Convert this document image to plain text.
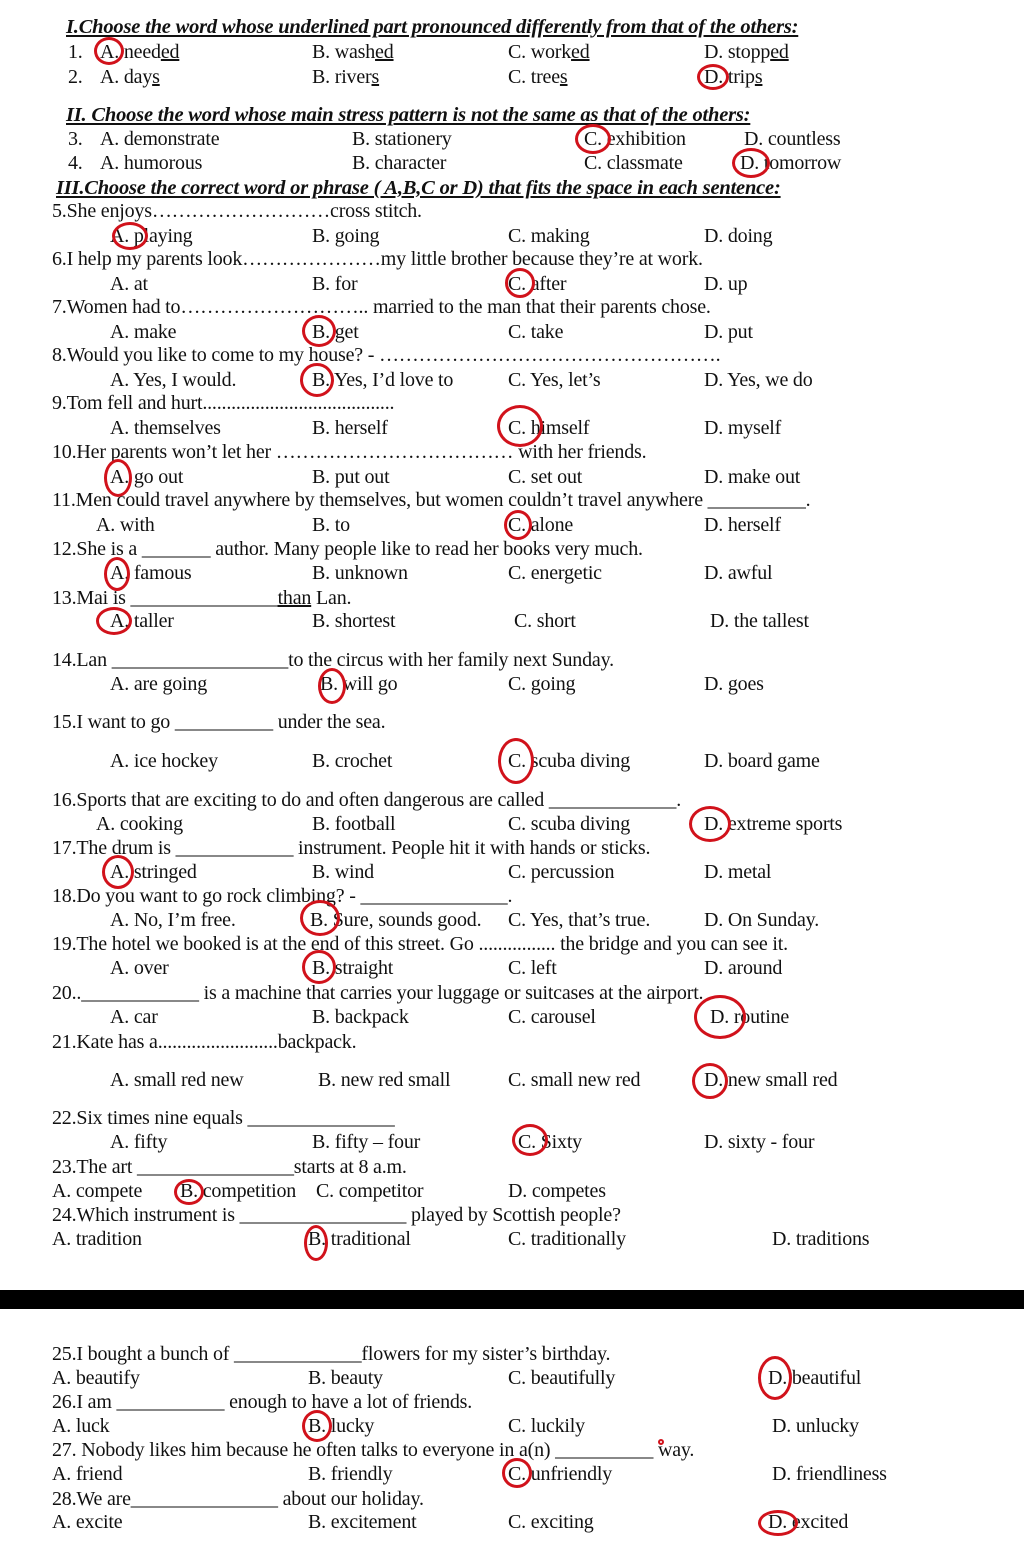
I.Choose the word whose underlined part pronounced differently from that of the others:
1. A. needed	B. washed	C. worked	D. stopped
2. A. days	B. rivers	C. trees	D. trips
II. Choose the word whose main stress pattern is not the same as that of the others:
3. A. demonstrate	B. stationery	C. exhibition	D. countless
4. A. humorous	B. character	C. classmate	D. tomorrow
III.Choose the correct word or phrase ( A,B,C or D) that fits the space in each sentence:
5.She enjoys………………………cross stitch.
A. playing	B. going	C. making	D. doing
6.I help my parents look…………………my little brother because they’re at work.
A. at	B. for	C. after	D. up
7.Women had to……………………….. married to the man that their parents chose.
A. make	B. get	C. take	D. put
8.Would you like to come to my house? - …………………………………………….
A. Yes, I would.	B. Yes, I’d love to	C. Yes, let’s	D. Yes, we do
9.Tom fell and hurt........................................
A. themselves	B. herself	C. himself	D. myself
10.Her parents won’t let her ……………………………… with her friends.
A. go out	B. put out	C. set out	D. make out
11.Men could travel anywhere by themselves, but women couldn’t travel anywhere __________.
A. with	B. to	C. alone	D. herself
12.She is a _______ author. Many people like to read her books very much.
A. famous	B. unknown	C. energetic	D. awful
13.Mai is _______________than Lan.
A. taller	B. shortest	C. short	D. the tallest
14.Lan __________________to the circus with her family next Sunday.
A. are going	B. will go	C. going	D. goes
15.I want to go __________ under the sea.
A. ice hockey	B. crochet	C. scuba diving	D. board game
16.Sports that are exciting to do and often dangerous are called _____________.
A. cooking	B. football	C. scuba diving	D. extreme sports
17.The drum is ____________ instrument. People hit it with hands or sticks.
A. stringed	B. wind	C. percussion	D. metal
18.Do you want to go rock climbing? - _______________.
A. No, I’m free.	B. Sure, sounds good. C. Yes, that’s true.	D. On Sunday.
19.The hotel we booked is at the end of this street. Go ................ the bridge and you can see it.
A. over	B. straight	C. left	D. around
20..____________ is a machine that carries your luggage or suitcases at the airport.
A. car	B. backpack	C. carousel	D. routine
21.Kate has a.........................backpack.
A. small red new	B. new red small	C. small new red	D. new small red
22.Six times nine equals _______________
A. fifty	B. fifty – four	C. Sixty	D. sixty - four
23.The art ________________starts at 8 a.m.
A. compete B. competition C. competitor	D. competes
24.Which instrument is _________________ played by Scottish people?
A. tradition	B. traditional	C. traditionally	D. traditions
25.I bought a bunch of _____________flowers for my sister’s birthday.
A. beautify	B. beauty	C. beautifully	D. beautiful
26.I am ___________ enough to have a lot of friends.
A. luck	B. lucky	C. luckily	D. unlucky
27. Nobody likes him because he often talks to everyone in a(n) __________ way.
A. friend	B. friendly	C. unfriendly	D. friendliness
28.We are_______________ about our holiday.
A. excite	B. excitement	C. exciting	D. excited
